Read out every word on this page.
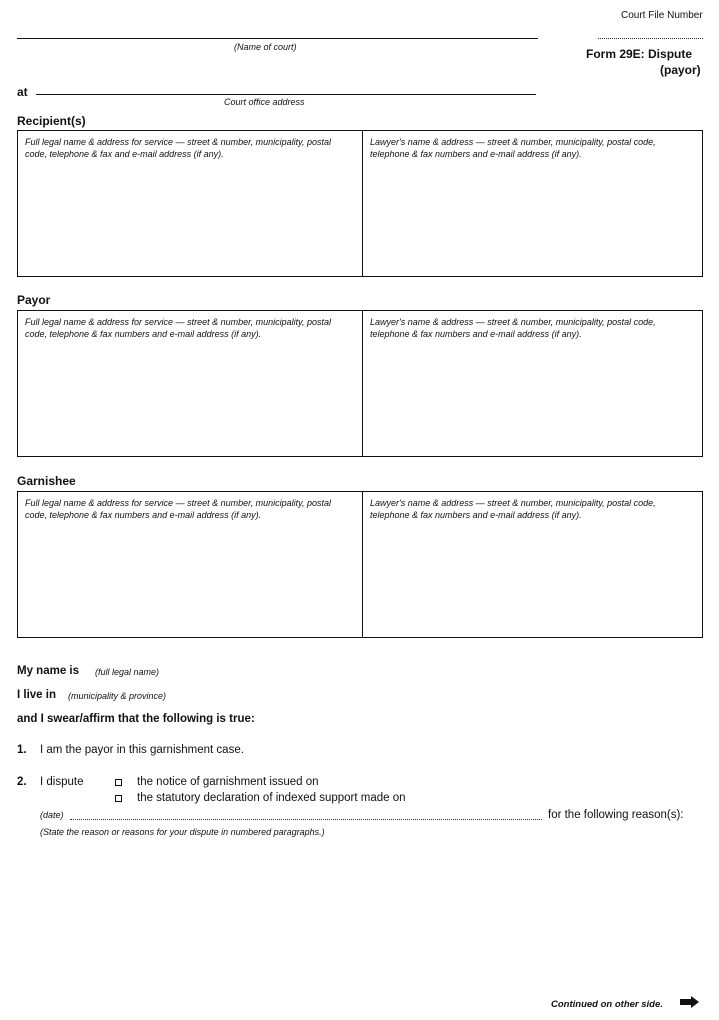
Court File Number
(Name of court)	Form 29E: Dispute
(payor)
at
Court office address
Recipient(s)
Full legal name & address for service — street & number, municipality, postal code, telephone & fax and e-mail address (if any).
Lawyer's name & address — street & number, municipality, postal code, telephone & fax numbers and e-mail address (if any).
Payor
Full legal name & address for service — street & number, municipality, postal code, telephone & fax numbers and e-mail address (if any).
Lawyer's name & address — street & number, municipality, postal code, telephone & fax numbers and e-mail address (if any).
Garnishee
Full legal name & address for service — street & number, municipality, postal code, telephone & fax numbers and e-mail address (if any).
Lawyer's name & address — street & number, municipality, postal code, telephone & fax numbers and e-mail address (if any).
My name is (full legal name)
I live in (municipality & province)
and I swear/affirm that the following is true:
1. I am the payor in this garnishment case.
2. I dispute	the notice of garnishment issued on
the statutory declaration of indexed support made on
(date)	for the following reason(s):
(State the reason or reasons for your dispute in numbered paragraphs.)
Continued on other side.
